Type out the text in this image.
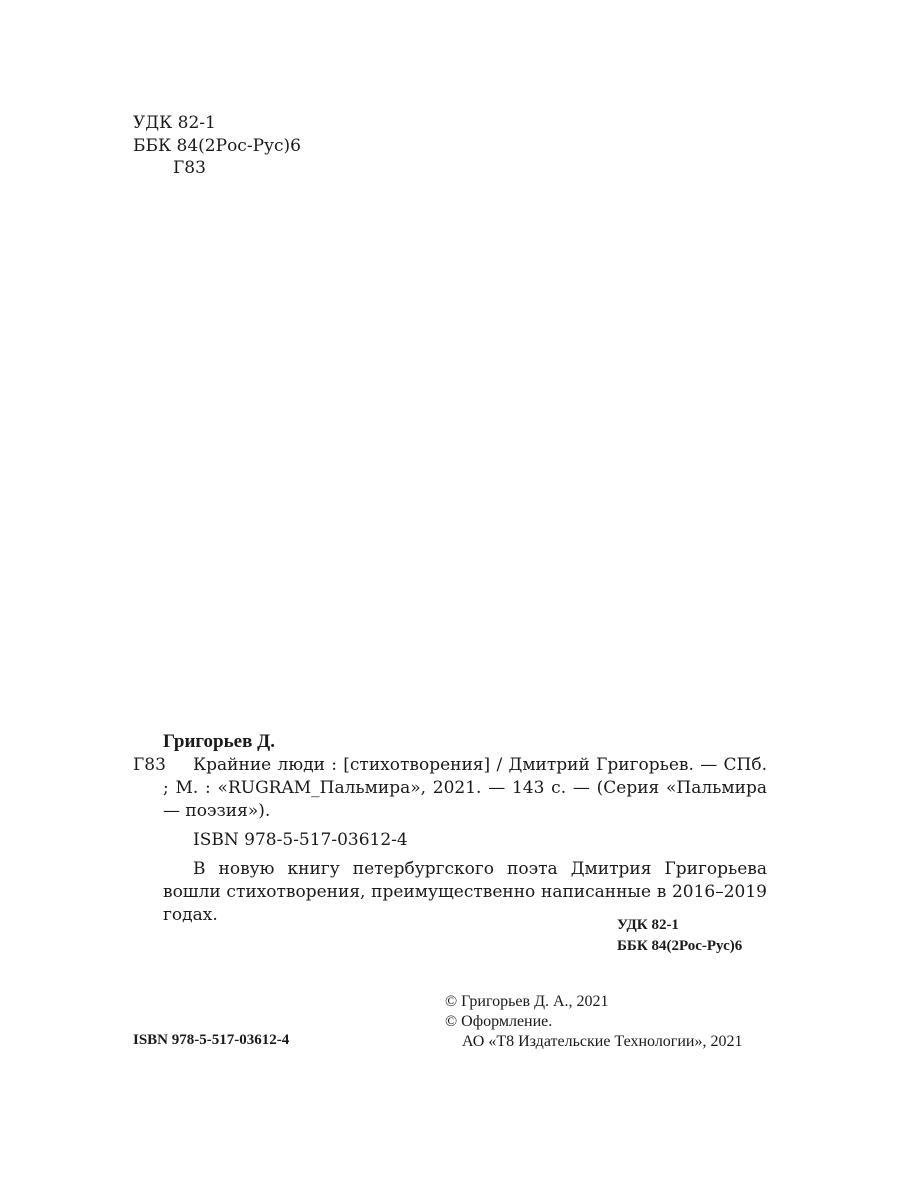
УДК 82-1
ББК 84(2Рос-Рус)6
Г83
Григорьев Д.
Г83	Крайние люди : [стихотворения] / Дмитрий Григорьев. — СПб. ; М. : «RUGRAM_Пальмира», 2021. — 143 с. — (Серия «Пальмира — поэзия»).

ISBN 978-5-517-03612-4

В новую книгу петербургского поэта Дмитрия Григорьева вошли стихотворения, преимущественно написанные в 2016–2019 годах.	УДК 82-1
ББК 84(2Рос-Рус)6
ISBN 978-5-517-03612-4
© Григорьев Д. А., 2021
© Оформление.
АО «Т8 Издательские Технологии», 2021
